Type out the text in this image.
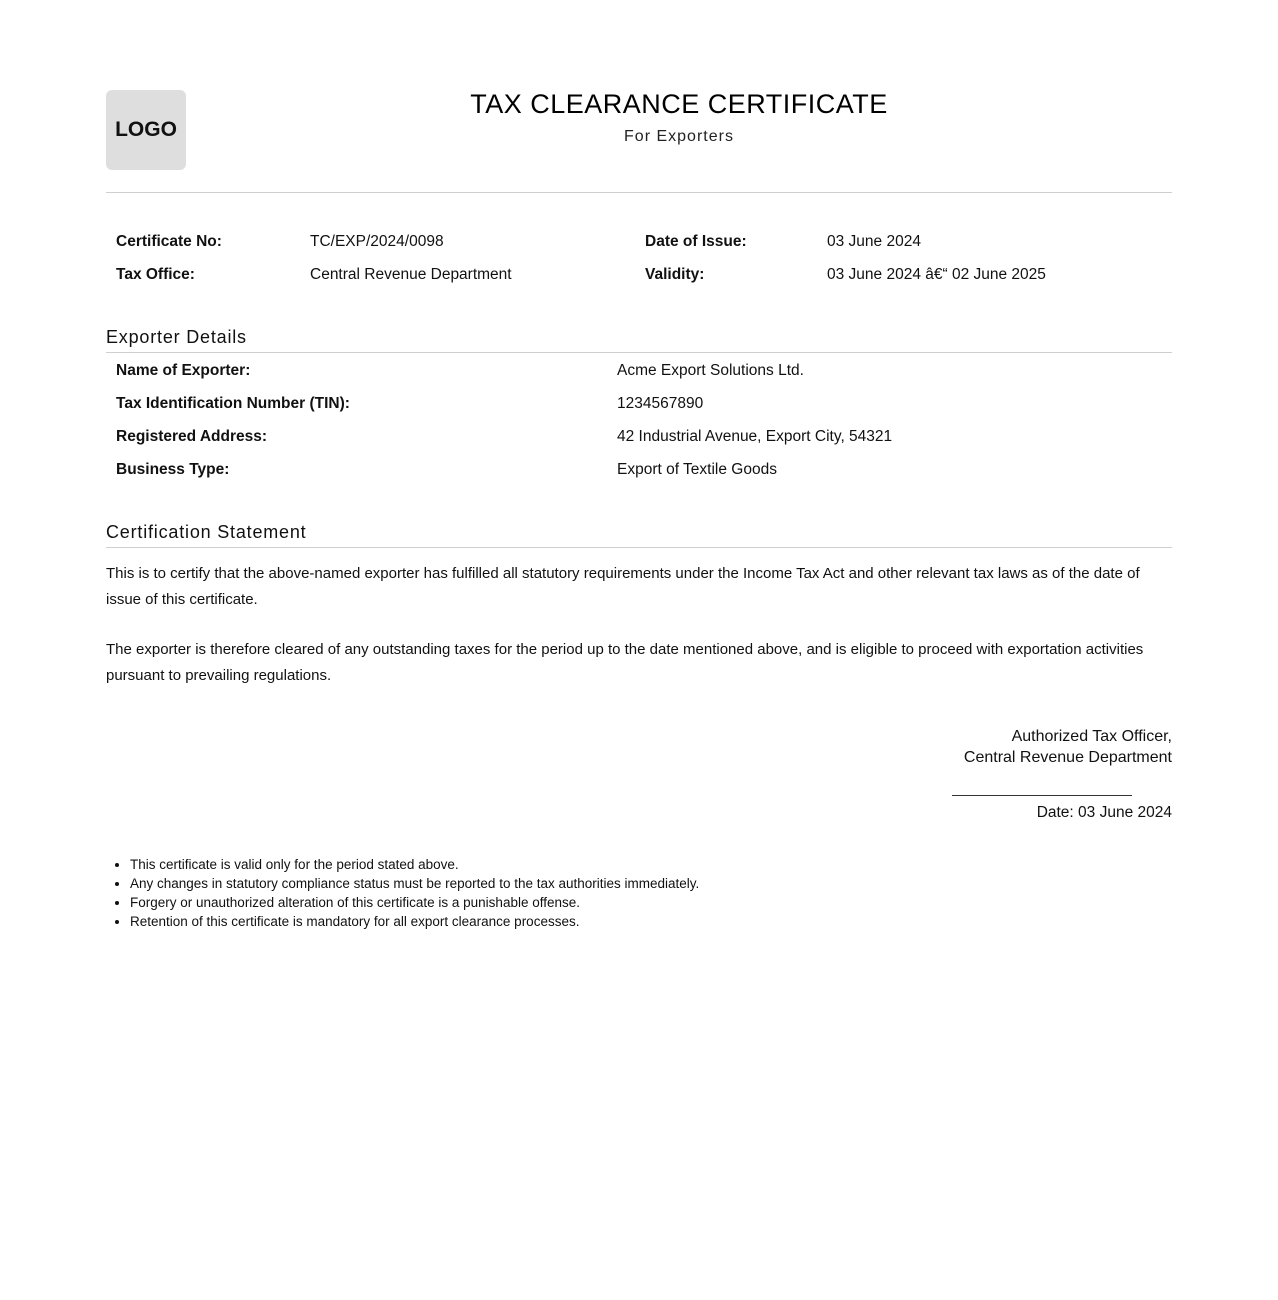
LOGO
TAX CLEARANCE CERTIFICATE
For Exporters
Certificate No:	TC/EXP/2024/0098	Date of Issue:	03 June 2024
Tax Office:	Central Revenue Department	Validity:	03 June 2024 â€“ 02 June 2025
Exporter Details
Name of Exporter:	Acme Export Solutions Ltd.
Tax Identification Number (TIN):	1234567890
Registered Address:	42 Industrial Avenue, Export City, 54321
Business Type:	Export of Textile Goods
Certification Statement

This is to certify that the above-named exporter has fulfilled all statutory requirements under the Income Tax Act and other relevant tax laws as of the date of issue of this certificate.

The exporter is therefore cleared of any outstanding taxes for the period up to the date mentioned above, and is eligible to proceed with exportation activities pursuant to prevailing regulations.

Authorized Tax Officer,
Central Revenue Department
Date: 03 June 2024
• This certificate is valid only for the period stated above.
• Any changes in statutory compliance status must be reported to the tax authorities immediately.
• Forgery or unauthorized alteration of this certificate is a punishable offense.
• Retention of this certificate is mandatory for all export clearance processes.
